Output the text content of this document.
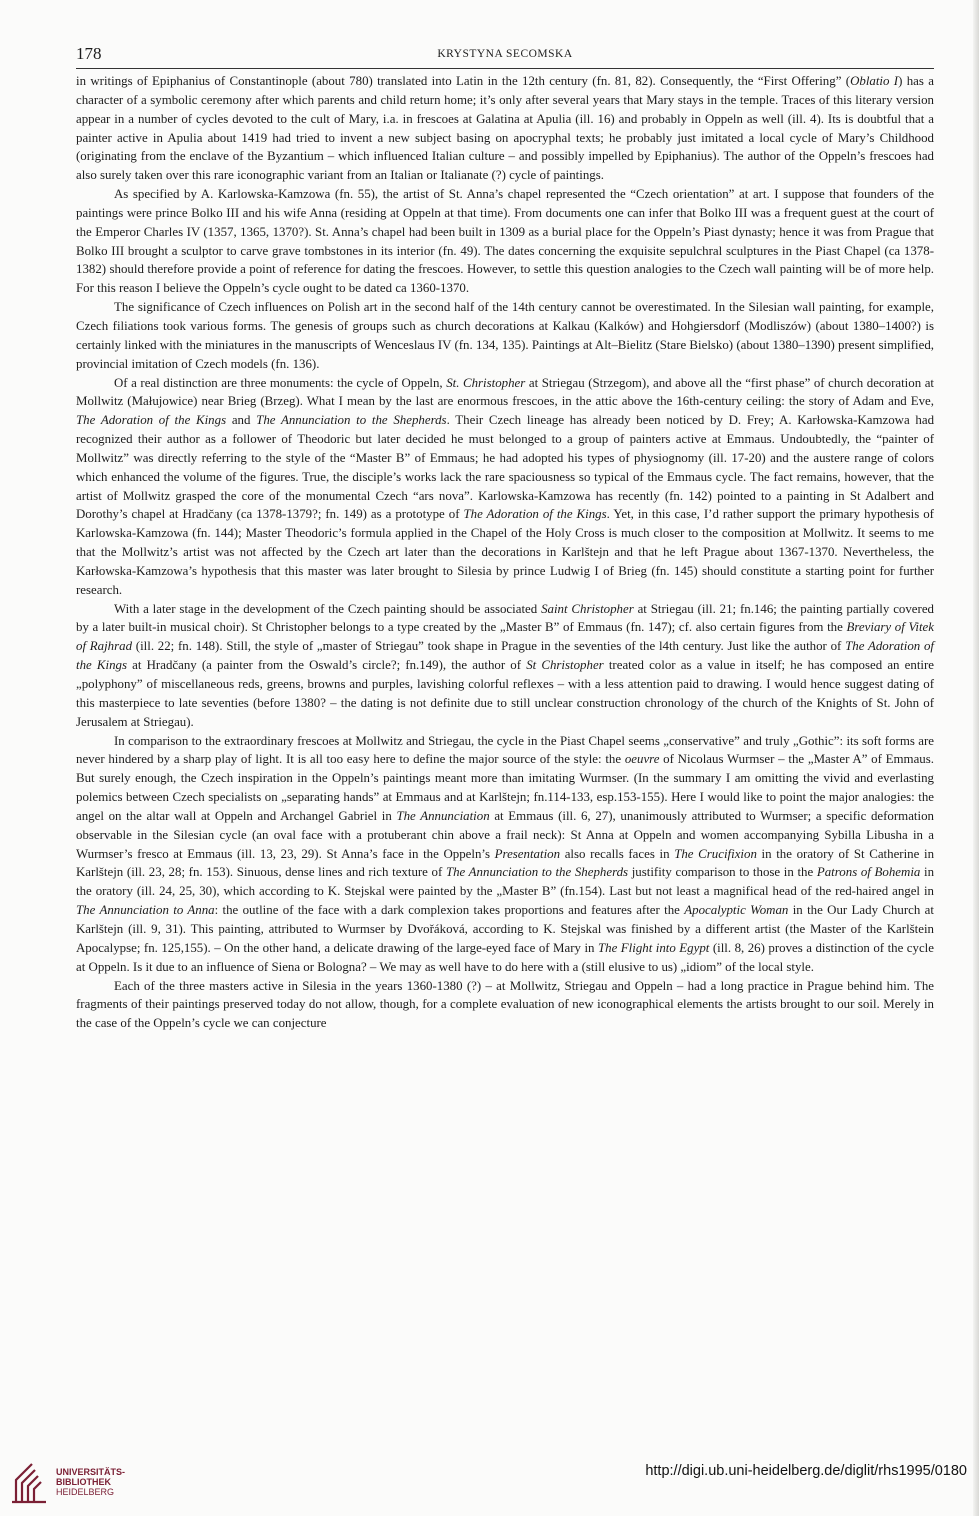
178	KRYSTYNA SECOMSKA

in writings of Epiphanius of Constantinople (about 780) translated into Latin in the 12th century (fn. 81, 82). Consequently, the “First Offering” (Oblatio I) has a character of a symbolic ceremony after which parents and child return home; it’s only after several years that Mary stays in the temple. Traces of this literary version appear in a number of cycles devoted to the cult of Mary, i.a. in frescoes at Galatina at Apulia (ill. 16) and probably in Oppeln as well (ill. 4). Its is doubtful that a painter active in Apulia about 1419 had tried to invent a new subject basing on apocryphal texts; he probably just imitated a local cycle of Mary’s Childhood (originating from the enclave of the Byzantium – which influenced Italian culture – and possibly impelled by Epiphanius). The author of the Oppeln’s frescoes had also surely taken over this rare iconographic variant from an Italian or Italianate (?) cycle of paintings.

As specified by A. Karlowska-Kamzowa (fn. 55), the artist of St. Anna’s chapel represented the “Czech orientation” at art. I suppose that founders of the paintings were prince Bolko III and his wife Anna (residing at Oppeln at that time). From documents one can infer that Bolko III was a frequent guest at the court of the Emperor Charles IV (1357, 1365, 1370?). St. Anna’s chapel had been built in 1309 as a burial place for the Oppeln’s Piast dynasty; hence it was from Prague that Bolko III brought a sculptor to carve grave tombstones in its interior (fn. 49). The dates concerning the exquisite sepulchral sculptures in the Piast Chapel (ca 1378-1382) should therefore provide a point of reference for dating the frescoes. However, to settle this question analogies to the Czech wall painting will be of more help. For this reason I believe the Oppeln’s cycle ought to be dated ca 1360-1370.

The significance of Czech influences on Polish art in the second half of the 14th century cannot be overestimated. In the Silesian wall painting, for example, Czech filiations took various forms. The genesis of groups such as church decorations at Kalkau (Kalków) and Hohgiersdorf (Modliszów) (about 1380–1400?) is certainly linked with the miniatures in the manuscripts of Wenceslaus IV (fn. 134, 135). Paintings at Alt–Bielitz (Stare Bielsko) (about 1380–1390) present simplified, provincial imitation of Czech models (fn. 136).

Of a real distinction are three monuments: the cycle of Oppeln, St. Christopher at Striegau (Strzegom), and above all the “first phase” of church decoration at Mollwitz (Małujowice) near Brieg (Brzeg). What I mean by the last are enormous frescoes, in the attic above the 16th-century ceiling: the story of Adam and Eve, The Adoration of the Kings and The Annunciation to the Shepherds. Their Czech lineage has already been noticed by D. Frey; A. Karłowska-Kamzowa had recognized their author as a follower of Theodoric but later decided he must belonged to a group of painters active at Emmaus. Undoubtedly, the “painter of Mollwitz” was directly referring to the style of the “Master B” of Emmaus; he had adopted his types of physiognomy (ill. 17-20) and the austere range of colors which enhanced the volume of the figures. True, the disciple’s works lack the rare spaciousness so typical of the Emmaus cycle. The fact remains, however, that the artist of Mollwitz grasped the core of the monumental Czech “ars nova”. Karlowska-Kamzowa has recently (fn. 142) pointed to a painting in St Adalbert and Dorothy’s chapel at Hradčany (ca 1378-1379?; fn. 149) as a prototype of The Adoration of the Kings. Yet, in this case, I’d rather support the primary hypothesis of Karlowska-Kamzowa (fn. 144); Master Theodoric’s formula applied in the Chapel of the Holy Cross is much closer to the composition at Mollwitz. It seems to me that the Mollwitz’s artist was not affected by the Czech art later than the decorations in Karlštejn and that he left Prague about 1367-1370. Nevertheless, the Karłowska-Kamzowa’s hypothesis that this master was later brought to Silesia by prince Ludwig I of Brieg (fn. 145) should constitute a starting point for further research.

With a later stage in the development of the Czech painting should be associated Saint Christopher at Striegau (ill. 21; fn.146; the painting partially covered by a later built-in musical choir). St Christopher belongs to a type created by the „Master B” of Emmaus (fn. 147); cf. also certain figures from the Breviary of Vitek of Rajhrad (ill. 22; fn. 148). Still, the style of „master of Striegau” took shape in Prague in the seventies of the l4th century. Just like the author of The Adoration of the Kings at Hradčany (a painter from the Oswald’s circle?; fn.149), the author of St Christopher treated color as a value in itself; he has composed an entire „polyphony” of miscellaneous reds, greens, browns and purples, lavishing colorful reflexes – with a less attention paid to drawing. I would hence suggest dating of this masterpiece to late seventies (before 1380? – the dating is not definite due to still unclear construction chronology of the church of the Knights of St. John of Jerusalem at Striegau).

In comparison to the extraordinary frescoes at Mollwitz and Striegau, the cycle in the Piast Chapel seems „conservative” and truly „Gothic”: its soft forms are never hindered by a sharp play of light. It is all too easy here to define the major source of the style: the oeuvre of Nicolaus Wurmser – the „Master A” of Emmaus. But surely enough, the Czech inspiration in the Oppeln’s paintings meant more than imitating Wurmser. (In the summary I am omitting the vivid and everlasting polemics between Czech specialists on „separating hands” at Emmaus and at Karlštejn; fn.114-133, esp.153-155). Here I would like to point the major analogies: the angel on the altar wall at Oppeln and Archangel Gabriel in The Annunciation at Emmaus (ill. 6, 27), unanimously attributed to Wurmser; a specific deformation observable in the Silesian cycle (an oval face with a protuberant chin above a frail neck): St Anna at Oppeln and women accompanying Sybilla Libusha in a Wurmser’s fresco at Emmaus (ill. 13, 23, 29). St Anna’s face in the Oppeln’s Presentation also recalls faces in The Crucifixion in the oratory of St Catherine in Karlštejn (ill. 23, 28; fn. 153). Sinuous, dense lines and rich texture of The Annunciation to the Shepherds justifity comparison to those in the Patrons of Bohemia in the oratory (ill. 24, 25, 30), which according to K. Stejskal were painted by the „Master B” (fn.154). Last but not least a magnifical head of the red-haired angel in The Annunciation to Anna: the outline of the face with a dark complexion takes proportions and features after the Apocalyptic Woman in the Our Lady Church at Karlštejn (ill. 9, 31). This painting, attributed to Wurmser by Dvořáková, according to K. Stejskal was finished by a different artist (the Master of the Karlštein Apocalypse; fn. 125,155). – On the other hand, a delicate drawing of the large-eyed face of Mary in The Flight into Egypt (ill. 8, 26) proves a distinction of the cycle at Oppeln. Is it due to an influence of Siena or Bologna? – We may as well have to do here with a (still elusive to us) „idiom” of the local style.

Each of the three masters active in Silesia in the years 1360-1380 (?) – at Mollwitz, Striegau and Oppeln – had a long practice in Prague behind him. The fragments of their paintings preserved today do not allow, though, for a complete evaluation of new iconographical elements the artists brought to our soil. Merely in the case of the Oppeln’s cycle we can conjecture

UNIVERSITÄTS-
BIBLIOTHEK
HEIDELBERG
http://digi.ub.uni-heidelberg.de/diglit/rhs1995/0180
